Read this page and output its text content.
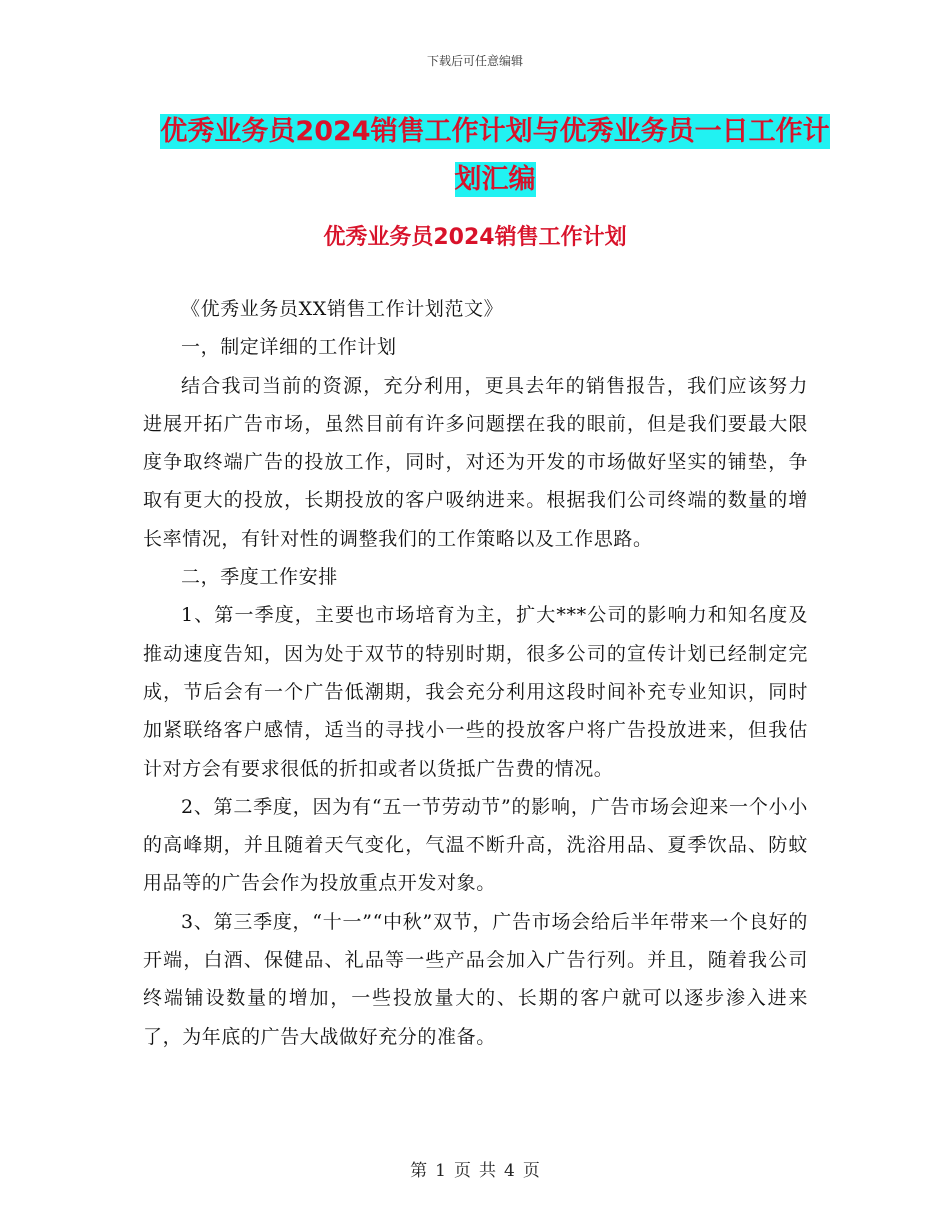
下载后可任意编辑
优秀业务员2024销售工作计划与优秀业务员一日工作计划汇编
优秀业务员2024销售工作计划

《优秀业务员XX销售工作计划范文》

一，制定详细的工作计划

结合我司当前的资源，充分利用，更具去年的销售报告，我们应该努力进展开拓广告市场，虽然目前有许多问题摆在我的眼前，但是我们要最大限度争取终端广告的投放工作，同时，对还为开发的市场做好坚实的铺垫，争取有更大的投放，长期投放的客户吸纳进来。根据我们公司终端的数量的增长率情况，有针对性的调整我们的工作策略以及工作思路。

二，季度工作安排

1、第一季度，主要也市场培育为主，扩大***公司的影响力和知名度及推动速度告知，因为处于双节的特别时期，很多公司的宣传计划已经制定完成，节后会有一个广告低潮期，我会充分利用这段时间补充专业知识，同时加紧联络客户感情，适当的寻找小一些的投放客户将广告投放进来，但我估计对方会有要求很低的折扣或者以货抵广告费的情况。

2、第二季度，因为有“五一节劳动节”的影响，广告市场会迎来一个小小的高峰期，并且随着天气变化，气温不断升高，洗浴用品、夏季饮品、防蚊用品等的广告会作为投放重点开发对象。

3、第三季度，“十一”“中秋”双节，广告市场会给后半年带来一个良好的开端，白酒、保健品、礼品等一些产品会加入广告行列。并且，随着我公司终端铺设数量的增加，一些投放量大的、长期的客户就可以逐步渗入进来了，为年底的广告大战做好充分的准备。

第 1 页 共 4 页
